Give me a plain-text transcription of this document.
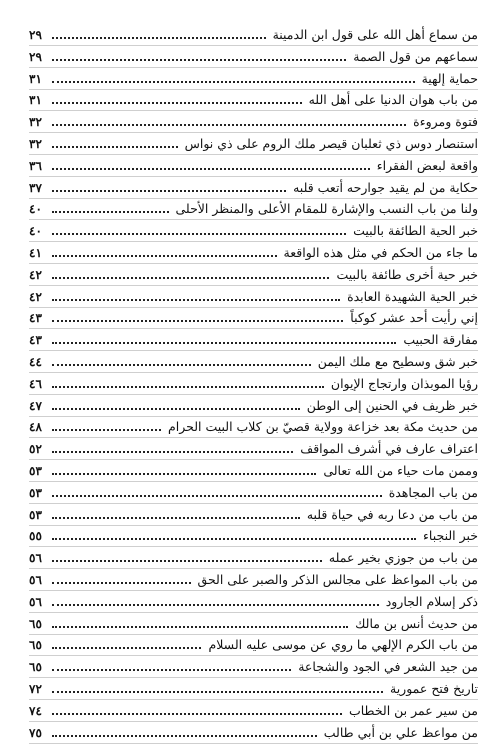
من سماع أهل الله على قول ابن الدمينة
٢٩
سماعهم من قول الصمة
٢٩
حماية إلهية
٣١
من باب هوان الدنيا على أهل الله
٣١
فتوة ومروءة
٣٢
استنصار دوس ذي ثعلبان قيصر ملك الروم على ذي نواس
٣٢
واقعة لبعض الفقراء
٣٦
حكاية من لم يقيد جوارحه أتعب قلبه
٣٧
ولنا من باب النسب والإشارة للمقام الأعلى والمنظر الأحلى
٤٠
خبر الحية الطائفة بالبيت
٤٠
ما جاء من الحكم في مثل هذه الواقعة
٤١
خبر حية أخرى طائفة بالبيت
٤٢
خبر الحية الشهيدة العابدة
٤٢
إني رأيت أحد عشر كوكباً
٤٣
مفارقة الحبيب
٤٣
خبر شق وسطيح مع ملك اليمن
٤٤
رؤيا الموبذان وارتجاج الإيوان
٤٦
خبر ظريف في الحنين إلى الوطن
٤٧
من حديث مكة بعد خزاعة وولاية قصيّ بن كلاب البيت الحرام
٤٨
اعتراف عارف في أشرف المواقف
٥٢
وممن مات حياء من الله تعالى
٥٣
من باب المجاهدة
٥٣
من باب من دعا ربه في حياة قلبه
٥٣
خبر النجباء
٥٥
من باب من جوزي بخير عمله
٥٦
من باب المواعظ على مجالس الذكر والصبر على الحق
٥٦
ذكر إسلام الجارود
٥٦
من حديث أنس بن مالك
٦٥
من باب الكرم الإلهي ما روي عن موسى عليه السلام
٦٥
من جيد الشعر في الجود والشجاعة
٦٥
تاريخ فتح عمورية
٧٢
من سير عمر بن الخطاب
٧٤
من مواعظ علي بن أبي طالب
٧٥
